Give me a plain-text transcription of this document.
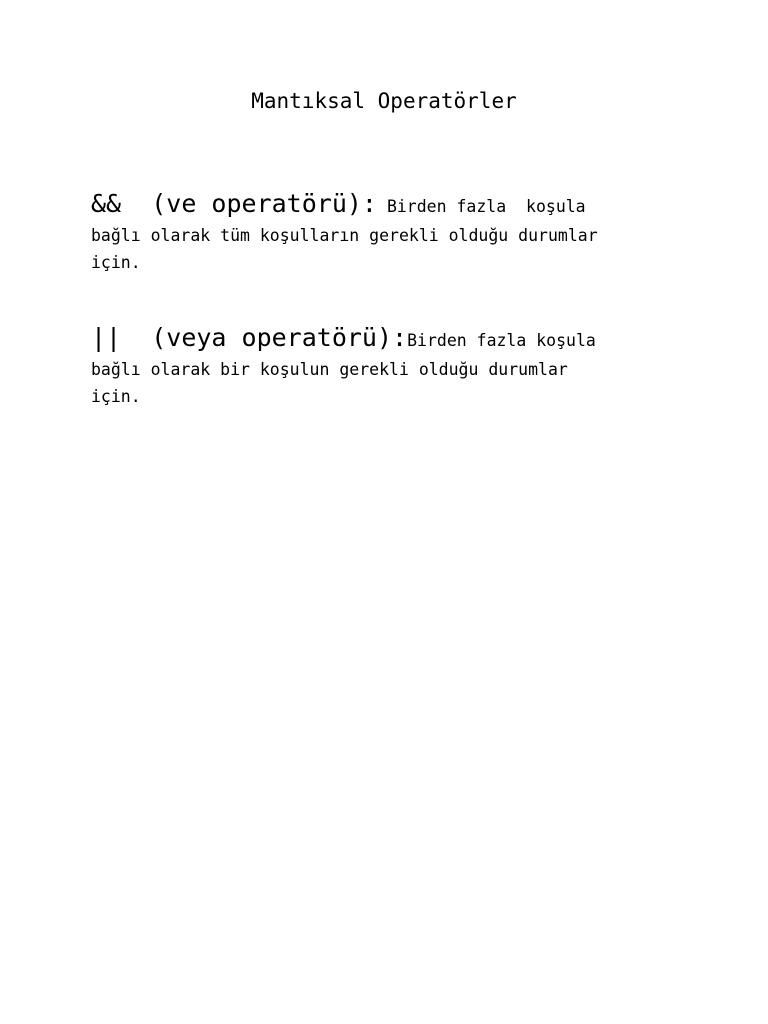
Mantıksal Operatörler
&& (ve operatörü): Birden fazla  koşula
bağlı olarak tüm koşulların gerekli olduğu durumlar
için.
|| (veya operatörü):Birden fazla koşula
bağlı olarak bir koşulun gerekli olduğu durumlar
için.
